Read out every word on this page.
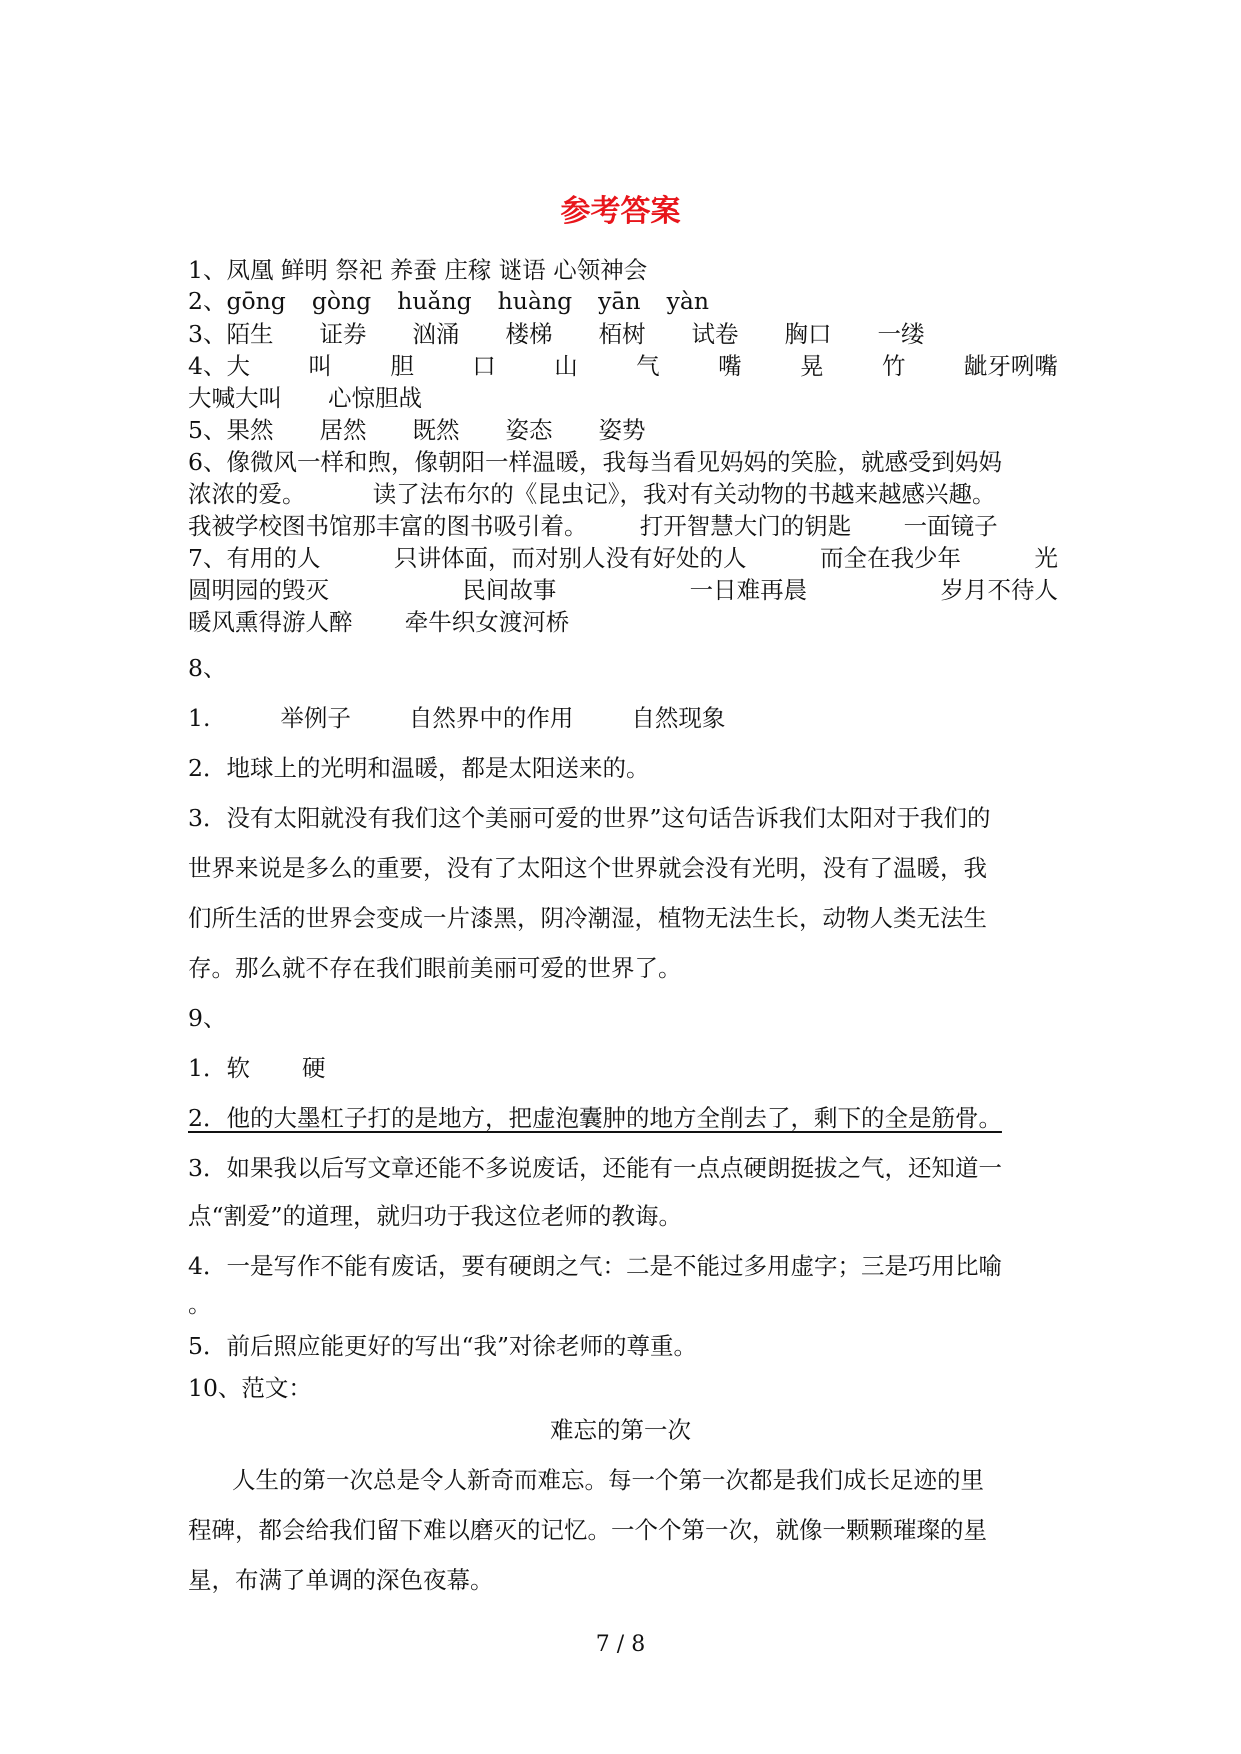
参考答案
1、凤凰 鲜明 祭祀 养蚕 庄稼 谜语 心领神会
2、gōng gòng huǎng huàng yān yàn
3、陌生 证券 汹涌 楼梯 栢树 试卷 胸口 一缕
4、大 叫 胆 口 山 气 嘴 晃 竹 龇牙咧嘴
大喊大叫 心惊胆战
5、果然 居然 既然 姿态 姿势
6、像微风一样和煦，像朝阳一样温暖，我每当看见妈妈的笑脸，就感受到妈妈
浓浓的爱。         读了法布尔的《昆虫记》，我对有关动物的书越来越感兴趣。
我被学校图书馆那丰富的图书吸引着。       打开智慧大门的钥匙       一面镜子
7、有用的人	只讲体面，而对别人没有好处的人	而全在我少年	光
圆明园的毁灭	民间故事	一日难再晨	岁月不待人
暖风熏得游人醉       牵牛织女渡河桥
8、
1.	举例子 自然界中的作用 自然现象
2．地球上的光明和温暖，都是太阳送来的。
3．没有太阳就没有我们这个美丽可爱的世界”这句话告诉我们太阳对于我们的
世界来说是多么的重要，没有了太阳这个世界就会没有光明，没有了温暖，我
们所生活的世界会变成一片漆黑，阴冷潮湿，植物无法生长，动物人类无法生
存。那么就不存在我们眼前美丽可爱的世界了。
9、
1．软 硬
2．他的大墨杠子打的是地方，把虚泡囊肿的地方全削去了，剩下的全是筋骨。
3．如果我以后写文章还能不多说废话，还能有一点点硬朗挺拔之气，还知道一
点“割爱”的道理，就归功于我这位老师的教诲。
4．一是写作不能有废话，要有硬朗之气：二是不能过多用虚字；三是巧用比喻
。
5．前后照应能更好的写出“我”对徐老师的尊重。
10、范文：
难忘的第一次
人生的第一次总是令人新奇而难忘。每一个第一次都是我们成长足迹的里
程碑，都会给我们留下难以磨灭的记忆。一个个第一次，就像一颗颗璀璨的星
星，布满了单调的深色夜幕。
7 / 8
